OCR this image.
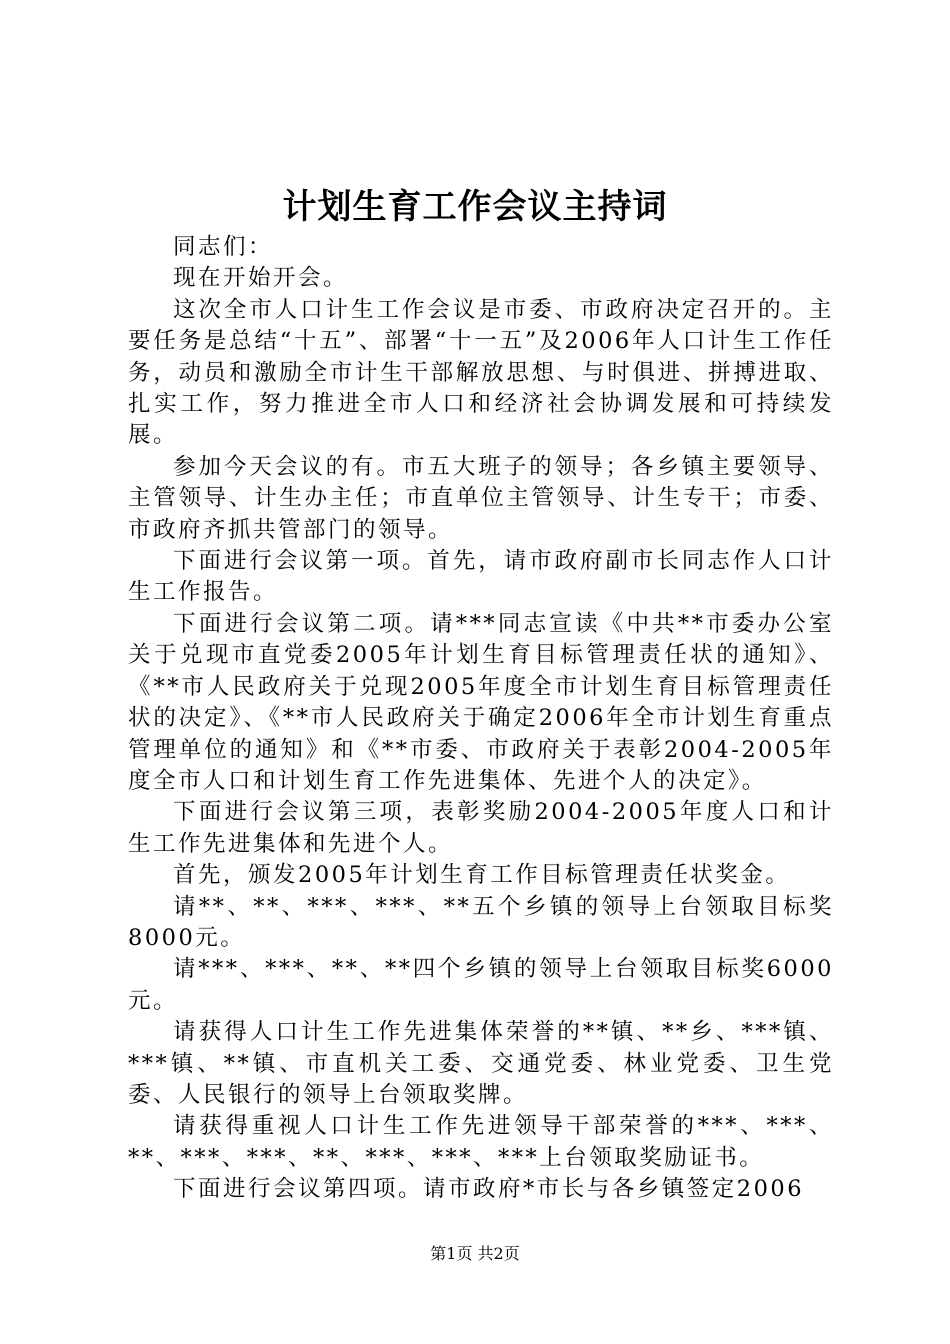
计划生育工作会议主持词

同志们：

现在开始开会。

这次全市人口计生工作会议是市委、市政府决定召开的。主要任务是总结“十五”、部署“十一五”及2006年人口计生工作任务，动员和激励全市计生干部解放思想、与时俱进、拼搏进取、扎实工作，努力推进全市人口和经济社会协调发展和可持续发展。

参加今天会议的有。市五大班子的领导；各乡镇主要领导、主管领导、计生办主任；市直单位主管领导、计生专干；市委、市政府齐抓共管部门的领导。

下面进行会议第一项。首先，请市政府副市长同志作人口计生工作报告。

下面进行会议第二项。请***同志宣读《中共**市委办公室关于兑现市直党委2005年计划生育目标管理责任状的通知》、《**市人民政府关于兑现2005年度全市计划生育目标管理责任状的决定》、《**市人民政府关于确定2006年全市计划生育重点管理单位的通知》和《**市委、市政府关于表彰2004-2005年度全市人口和计划生育工作先进集体、先进个人的决定》。

下面进行会议第三项，表彰奖励2004-2005年度人口和计生工作先进集体和先进个人。

首先，颁发2005年计划生育工作目标管理责任状奖金。

请**、**、***、***、**五个乡镇的领导上台领取目标奖8000元。

请***、***、**、**四个乡镇的领导上台领取目标奖6000元。

请获得人口计生工作先进集体荣誉的**镇、**乡、***镇、***镇、**镇、市直机关工委、交通党委、林业党委、卫生党委、人民银行的领导上台领取奖牌。

请获得重视人口计生工作先进领导干部荣誉的***、***、**、***、***、**、***、***、***上台领取奖励证书。

下面进行会议第四项。请市政府*市长与各乡镇签定2006

第1页 共2页
